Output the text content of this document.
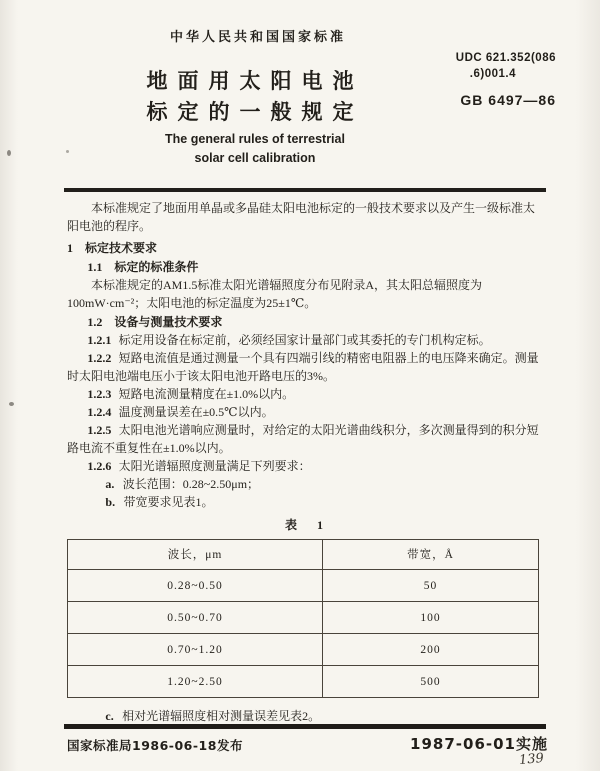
中华人民共和国国家标准
UDC 621.352(086
.6)001.4
地面用太阳电池
标定的一般规定	GB 6497—86
The general rules of terrestrial
solar cell calibration

本标准规定了地面用单晶或多晶硅太阳电池标定的一般技术要求以及产生一级标准太阳电池的程序。

1　标定技术要求

1.1　标定的标准条件

本标准规定的AM1.5标准太阳光谱辐照度分布见附录A，其太阳总辐照度为100mW·cm⁻²；太阳电池的标定温度为25±1℃。

1.2　设备与测量技术要求

1.2.1 标定用设备在标定前，必须经国家计量部门或其委托的专门机构定标。

1.2.2 短路电流值是通过测量一个具有四端引线的精密电阻器上的电压降来确定。测量时太阳电池端电压小于该太阳电池开路电压的3%。

1.2.3 短路电流测量精度在±1.0%以内。

1.2.4 温度测量误差在±0.5℃以内。

1.2.5 太阳电池光谱响应测量时，对给定的太阳光谱曲线积分，多次测量得到的积分短路电流不重复性在±1.0%以内。

1.2.6 太阳光谱辐照度测量满足下列要求：

a. 波长范围：0.28~2.50μm；

b. 带宽要求见表1。

表　1
波长，μm	带宽，Å
0.28~0.50	50
0.50~0.70	100
0.70~1.20	200
1.20~2.50	500

c. 相对光谱辐照度相对测量误差见表2。

国家标准局1986-06-18发布	1987-06-01实施
139
